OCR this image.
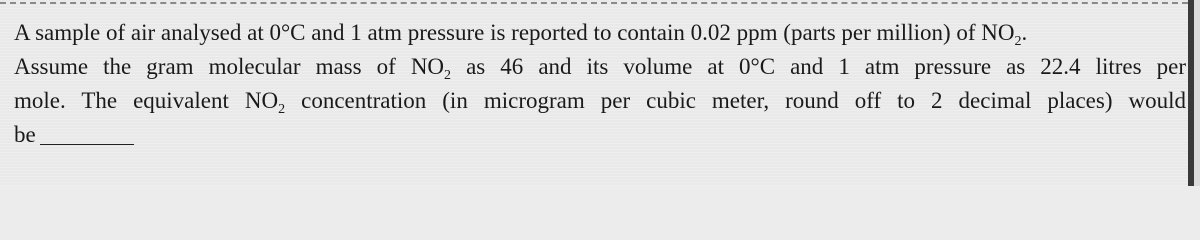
A sample of air analysed at 0°C and 1 atm pressure is reported to contain 0.02 ppm (parts per million) of $NO_2$.
Assume the gram molecular mass of $NO_2$ as 46 and its volume at 0°C and 1 atm pressure as 22.4 litres per
mole. The equivalent $NO_2$ concentration (in microgram per cubic meter, round off to 2 decimal places) would
be
